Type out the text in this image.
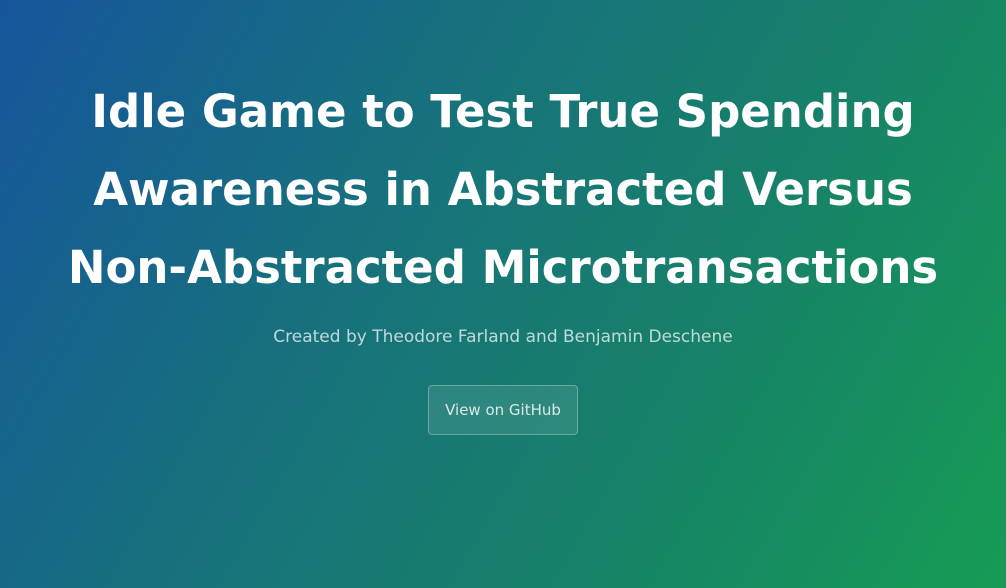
Idle Game to Test True Spending Awareness in Abstracted Versus Non-Abstracted Microtransactions

Created by Theodore Farland and Benjamin Deschene

View on GitHub
